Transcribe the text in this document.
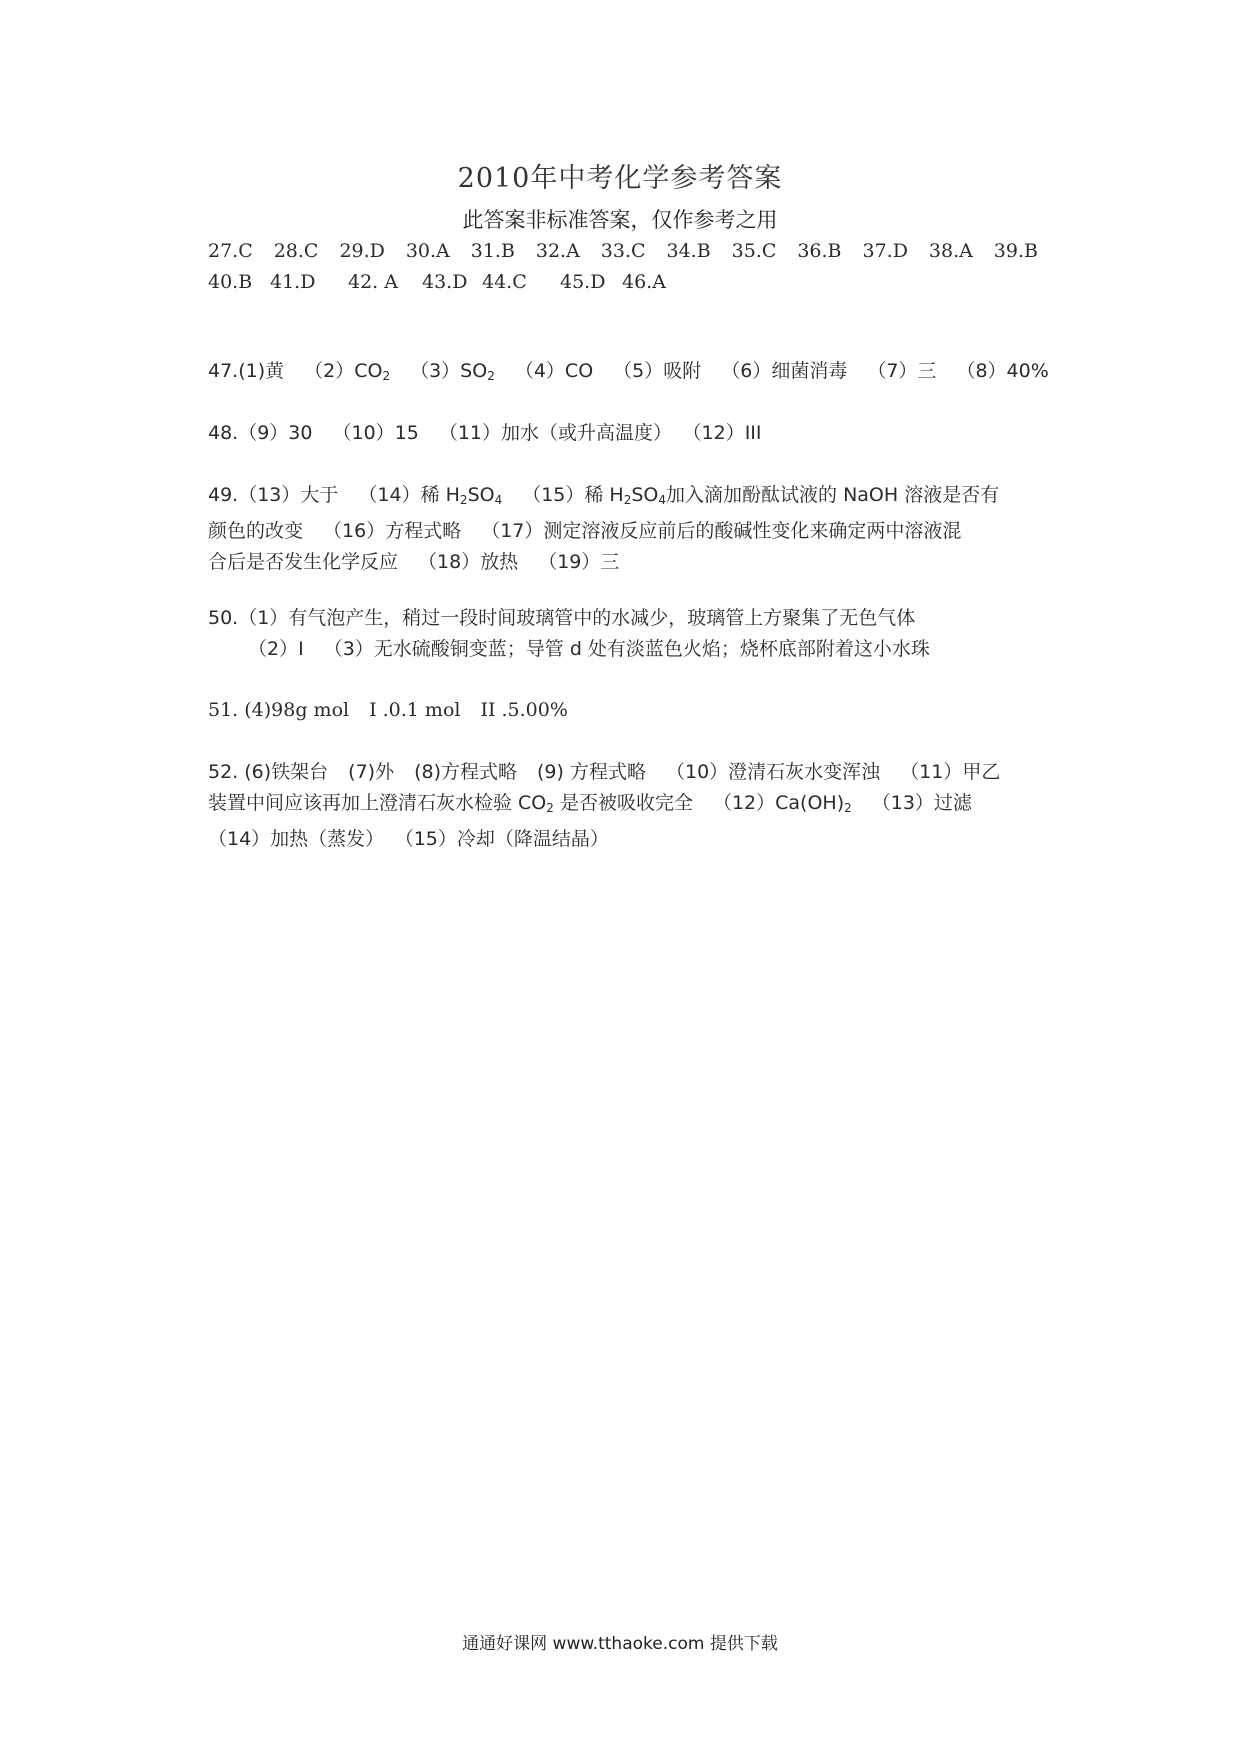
2010年中考化学参考答案
此答案非标准答案，仅作参考之用
27.C 28.C 29.D 30.A 31.B 32.A 33.C 34.B 35.C 36.B 37.D 38.A 39.B
40.B 41.D	42. A	43.D 44.C	45.D 46.A
47.(1)黄 $(2)CO_2$ $(3)SO_2$ （4）CO （5）吸附 （6）细菌消毒 （7）三 （8）40%
48.（9）30 （10）15 （11）加水（或升高温度） （12）III
49.（13）大于 （14）稀 $H_2SO_4$ （15）稀 $H_2SO_4$加入滴加酚酞试液的 NaOH 溶液是否有
颜色的改变 （16）方程式略 （17）测定溶液反应前后的酸碱性变化来确定两中溶液混
合后是否发生化学反应 （18）放热 （19）三
50.（1）有气泡产生，稍过一段时间玻璃管中的水减少，玻璃管上方聚集了无色气体
（2）I （3）无水硫酸铜变蓝；导管 d 处有淡蓝色火焰；烧杯底部附着这小水珠
51. (4)98g mol I .0.1 mol II .5.00%
52. (6)铁架台 (7)外 (8)方程式略 (9) 方程式略 （10）澄清石灰水变浑浊 （11）甲乙
装置中间应该再加上澄清石灰水检验 $CO_2$ 是否被吸收完全 $(12)Ca(OH)_2$ （13）过滤
（14）加热（蒸发） （15）冷却（降温结晶）
通通好课网 www.tthaoke.com 提供下载
